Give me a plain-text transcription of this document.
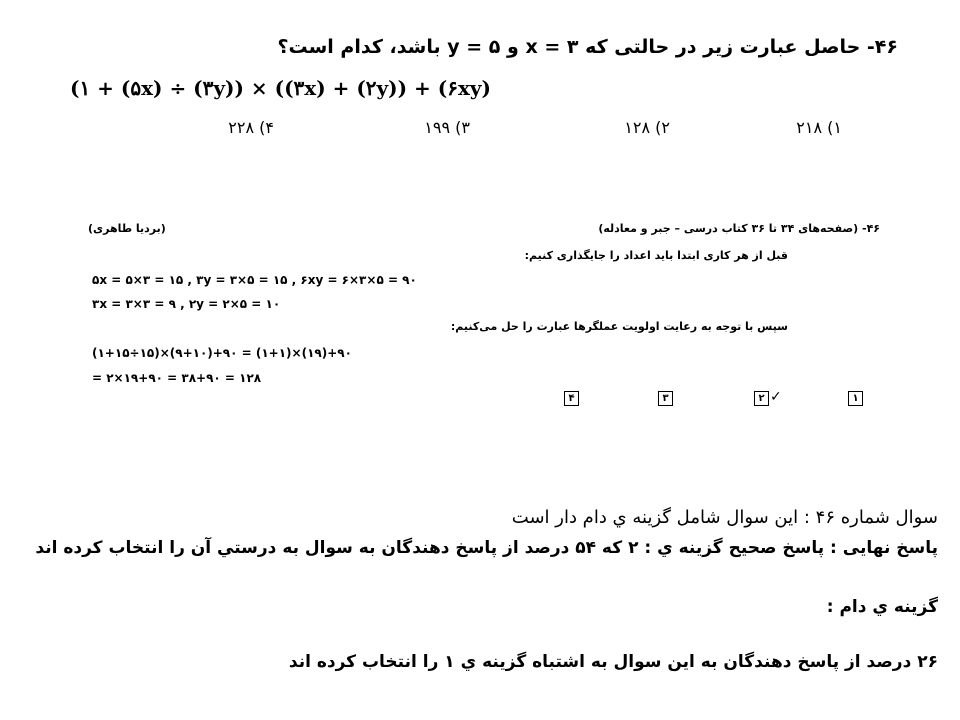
۴۶- حاصل عبارت زیر در حالتی که x = ۳ و y = ۵ باشد، کدام است؟
(۱ + (۵x) ÷ (۳y)) × ((۳x) + (۲y)) + (۶xy)
۱) ۲۱۸
۲) ۱۲۸
۳) ۱۹۹
۴) ۲۲۸
۴۶- (صفحه‌های ۳۴ تا ۳۶ کتاب درسی – جبر و معادله)
(بردیا طاهری)
قبل از هر کاری ابتدا باید اعداد را جایگذاری کنیم:
۵x = ۵×۳ = ۱۵ , ۳y = ۳×۵ = ۱۵ , ۶xy = ۶×۳×۵ = ۹۰
۳x = ۳×۳ = ۹ , ۲y = ۲×۵ = ۱۰
سپس با توجه به رعایت اولویت عملگرها عبارت را حل می‌کنیم:
(۱+۱۵÷۱۵)×(۹+۱۰)+۹۰ = (۱+۱)×(۱۹)+۹۰
= ۲×۱۹+۹۰ = ۳۸+۹۰ = ۱۲۸
۱
۲ ✓
۳
۴
سوال شماره ۴۶ : این سوال شامل گزینه ي دام دار است
پاسخ نهایی : پاسخ صحیح گزینه ي : ۲ که ۵۴ درصد از پاسخ دهندگان به سوال به درستي آن را انتخاب کرده اند
گزینه ي دام :
۲۶ درصد از پاسخ دهندگان به این سوال به اشتباه گزینه ي ۱ را انتخاب کرده اند
